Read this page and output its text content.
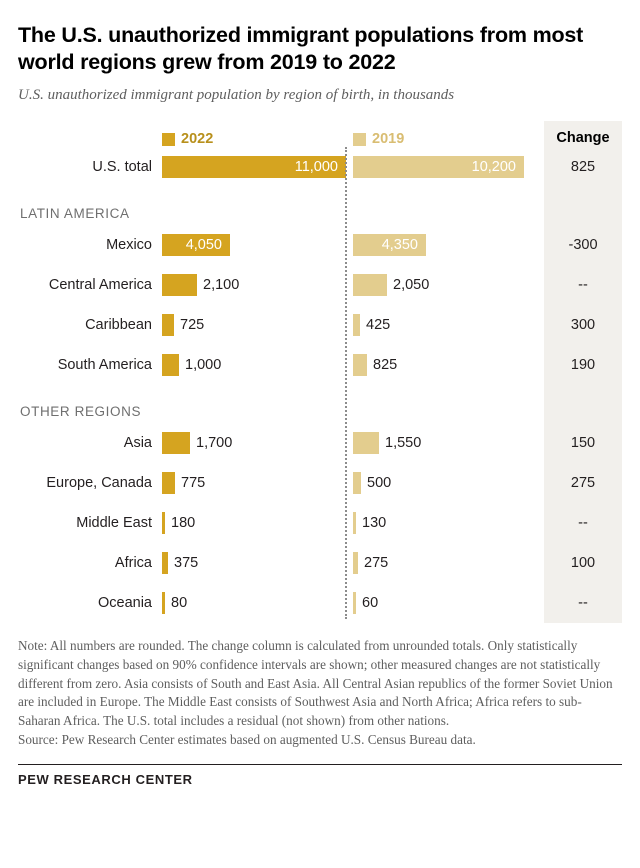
The U.S. unauthorized immigrant populations from most world regions grew from 2019 to 2022
U.S. unauthorized immigrant population by region of birth, in thousands
2022	2019	Change
U.S. total	11,000	10,200	825
LATIN AMERICA
Mexico	4,050	4,350	-300
Central America	2,100	2,050	--
Caribbean	725	425	300
South America	1,000	825	190
OTHER REGIONS
Asia	1,700	1,550	150
Europe, Canada	775	500	275
Middle East	180	130	--
Africa	375	275	100
Oceania	80	60	--

Note: All numbers are rounded. The change column is calculated from unrounded totals. Only statistically significant changes based on 90% confidence intervals are shown; other measured changes are not statistically different from zero. Asia consists of South and East Asia. All Central Asian republics of the former Soviet Union are included in Europe. The Middle East consists of Southwest Asia and North Africa; Africa refers to sub-Saharan Africa. The U.S. total includes a residual (not shown) from other nations.

Source: Pew Research Center estimates based on augmented U.S. Census Bureau data.

PEW RESEARCH CENTER
